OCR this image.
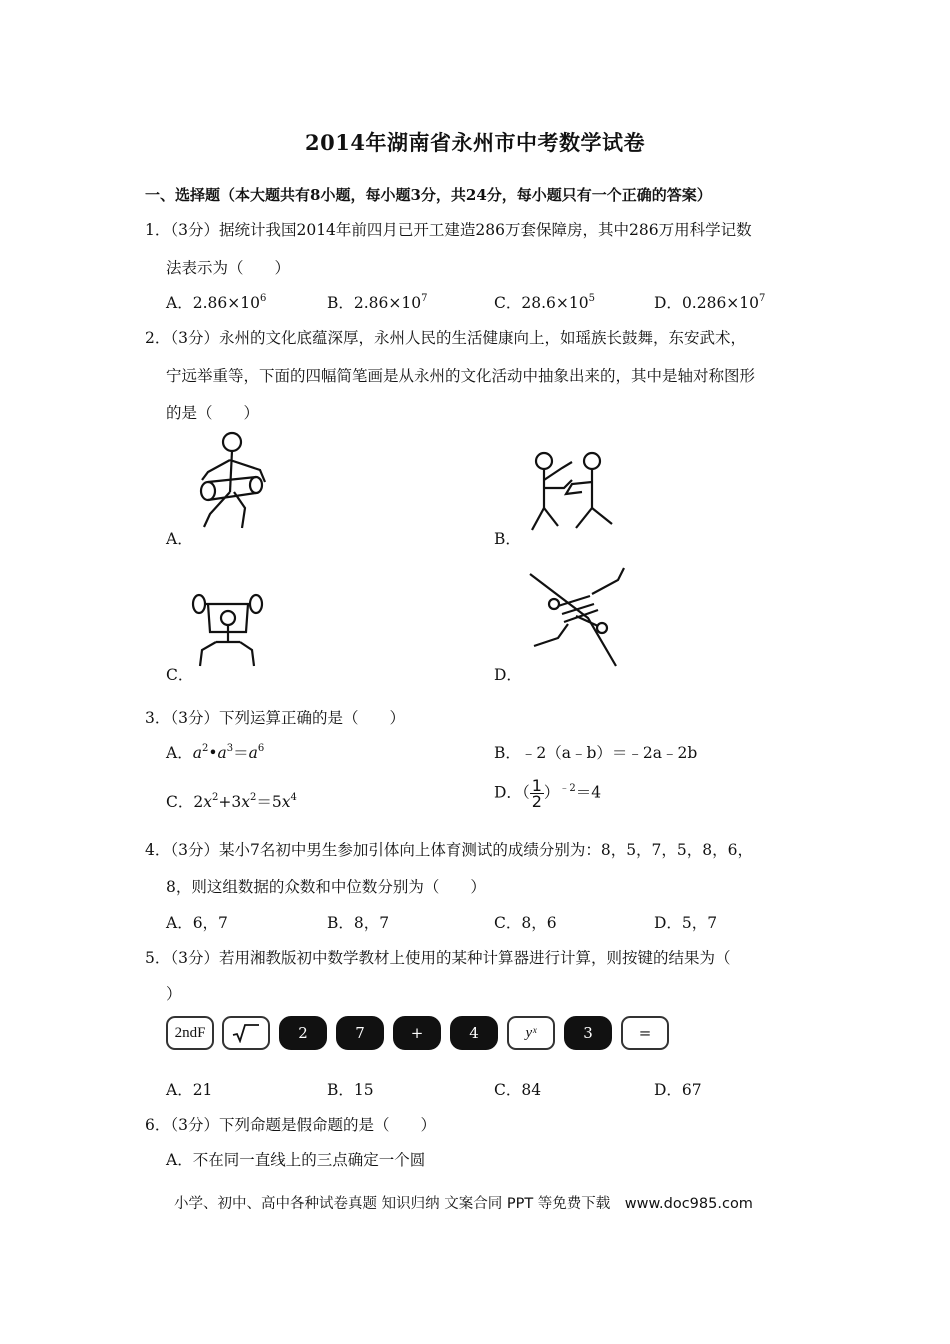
2014年湖南省永州市中考数学试卷
一、选择题（本大题共有8小题，每小题3分，共24分，每小题只有一个正确的答案）
1．（3分）据统计我国2014年前四月已开工建造286万套保障房，其中286万用科学记数
法表示为（　　）
A．$2.86\times 10^6$	B．$2.86\times 10^7$	C．$28.6\times 10^5$	D．$0.286\times 10^7$
2．（3分）永州的文化底蕴深厚，永州人民的生活健康向上，如瑶族长鼓舞，东安武术，
宁远举重等，下面的四幅简笔画是从永州的文化活动中抽象出来的，其中是轴对称图形
的是（　　）
A．	B．
C．	D．
3．（3分）下列运算正确的是（　　）
A．$a^2•a^3=a^6$	B．﹣2（a﹣b）＝﹣2a﹣2b
C．$2x^2+3x^2=5x^4$	D．（ $\frac{1}{2} )^{﹣2}=4$
4．（3分）某小7名初中男生参加引体向上体育测试的成绩分别为：8，5，7，5，8，6，
8，则这组数据的众数和中位数分别为（　　）
A．6，7	B．8，7	C．8，6	D．5，7
5．（3分）若用湘教版初中数学教材上使用的某种计算器进行计算，则按键的结果为（
）
2ndF	2	7	+	4	yˣ	3	=
A．21	B．15	C．84	D．67
6．（3分）下列命题是假命题的是（　　）
A．不在同一直线上的三点确定一个圆
小学、初中、高中各种试卷真题 知识归纳 文案合同 PPT 等免费下载　www.doc985.com
